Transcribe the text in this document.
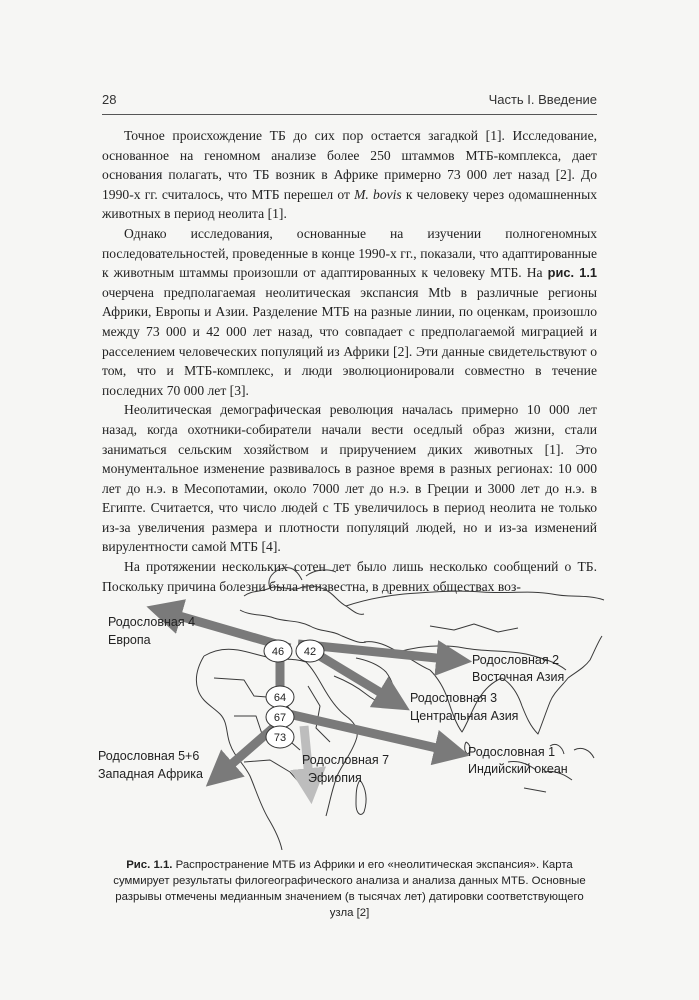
28	Часть I. Введение

Точное происхождение ТБ до сих пор остается загадкой [1]. Исследование, основанное на геномном анализе более 250 штаммов МТБ-комплекса, дает основания полагать, что ТБ возник в Африке примерно 73 000 лет назад [2]. До 1990-х гг. считалось, что МТБ перешел от M. bovis к человеку через одомашненных животных в период неолита [1].

Однако исследования, основанные на изучении полногеномных последовательностей, проведенные в конце 1990-х гг., показали, что адаптированные к животным штаммы произошли от адаптированных к человеку МТБ. На рис. 1.1 очерчена предполагаемая неолитическая экспансия Mtb в различные регионы Африки, Европы и Азии. Разделение МТБ на разные линии, по оценкам, произошло между 73 000 и 42 000 лет назад, что совпадает с предполагаемой миграцией и расселением человеческих популяций из Африки [2]. Эти данные свидетельствуют о том, что и МТБ-комплекс, и люди эволюционировали совместно в течение последних 70 000 лет [3].

Неолитическая демографическая революция началась примерно 10 000 лет назад, когда охотники-собиратели начали вести оседлый образ жизни, стали заниматься сельским хозяйством и приручением диких животных [1]. Это монументальное изменение развивалось в разное время в разных регионах: 10 000 лет до н.э. в Месопотамии, около 7000 лет до н.э. в Греции и 3000 лет до н.э. в Египте. Считается, что число людей с ТБ увеличилось в период неолита не только из-за увеличения размера и плотности популяций людей, но и из-за изменений вирулентности самой МТБ [4].

На протяжении нескольких сотен лет было лишь несколько сообщений о ТБ. Поскольку причина болезни была неизвестна, в древних обществах воз-

46 42
64
67
73
Родословная 4
Европа
Родословная 2
Восточная Азия
Родословная 3
Центральная Азия
Родословная 1
Индийский океан
Родословная 5+6
Западная Африка
Родословная 7
Эфиопия
Рис. 1.1. Распространение МТБ из Африки и его «неолитическая экспансия». Карта суммирует результаты филогеографического анализа и анализа данных МТБ. Основные разрывы отмечены медианным значением (в тысячах лет) датировки соответствующего узла [2]
